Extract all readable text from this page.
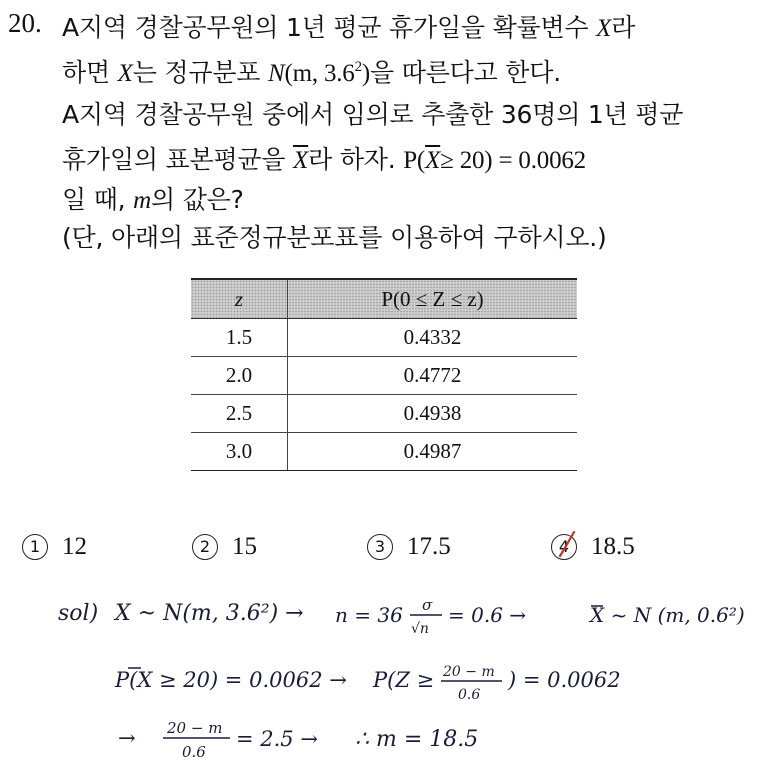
20. A지역 경찰공무원의 1년 평균 휴가일을 확률변수 X라
하면 X는 정규분포 N(m, $3.6^2$)을 따른다고 한다.
A지역 경찰공무원 중에서 임의로 추출한 36명의 1년 평균
휴가일의 표본평균을 $\overline{X}$라 하자. $P(\overline{X}\ge 20) = 0.0062$
일 때, m의 값은?
(단, 아래의 표준정규분포표를 이용하여 구하시오.)
z	P(0 ≤ Z ≤ z)
1.5	0.4332
2.0	0.4772
2.5	0.4938
3.0	0.4987
1 12	2 15	3 17.5	4 18.5
sol) X ~ N(m, 3.6²) → n = 36 σ
√n
= 0.6 →	X ~ N (m, 0.6²)
P(X ≥ 20) = 0.0062 → P(Z ≥ 20 − m
0.6
) = 0.0062
→ 20 − m
0.6
= 2.5 → ∴ m = 18.5
